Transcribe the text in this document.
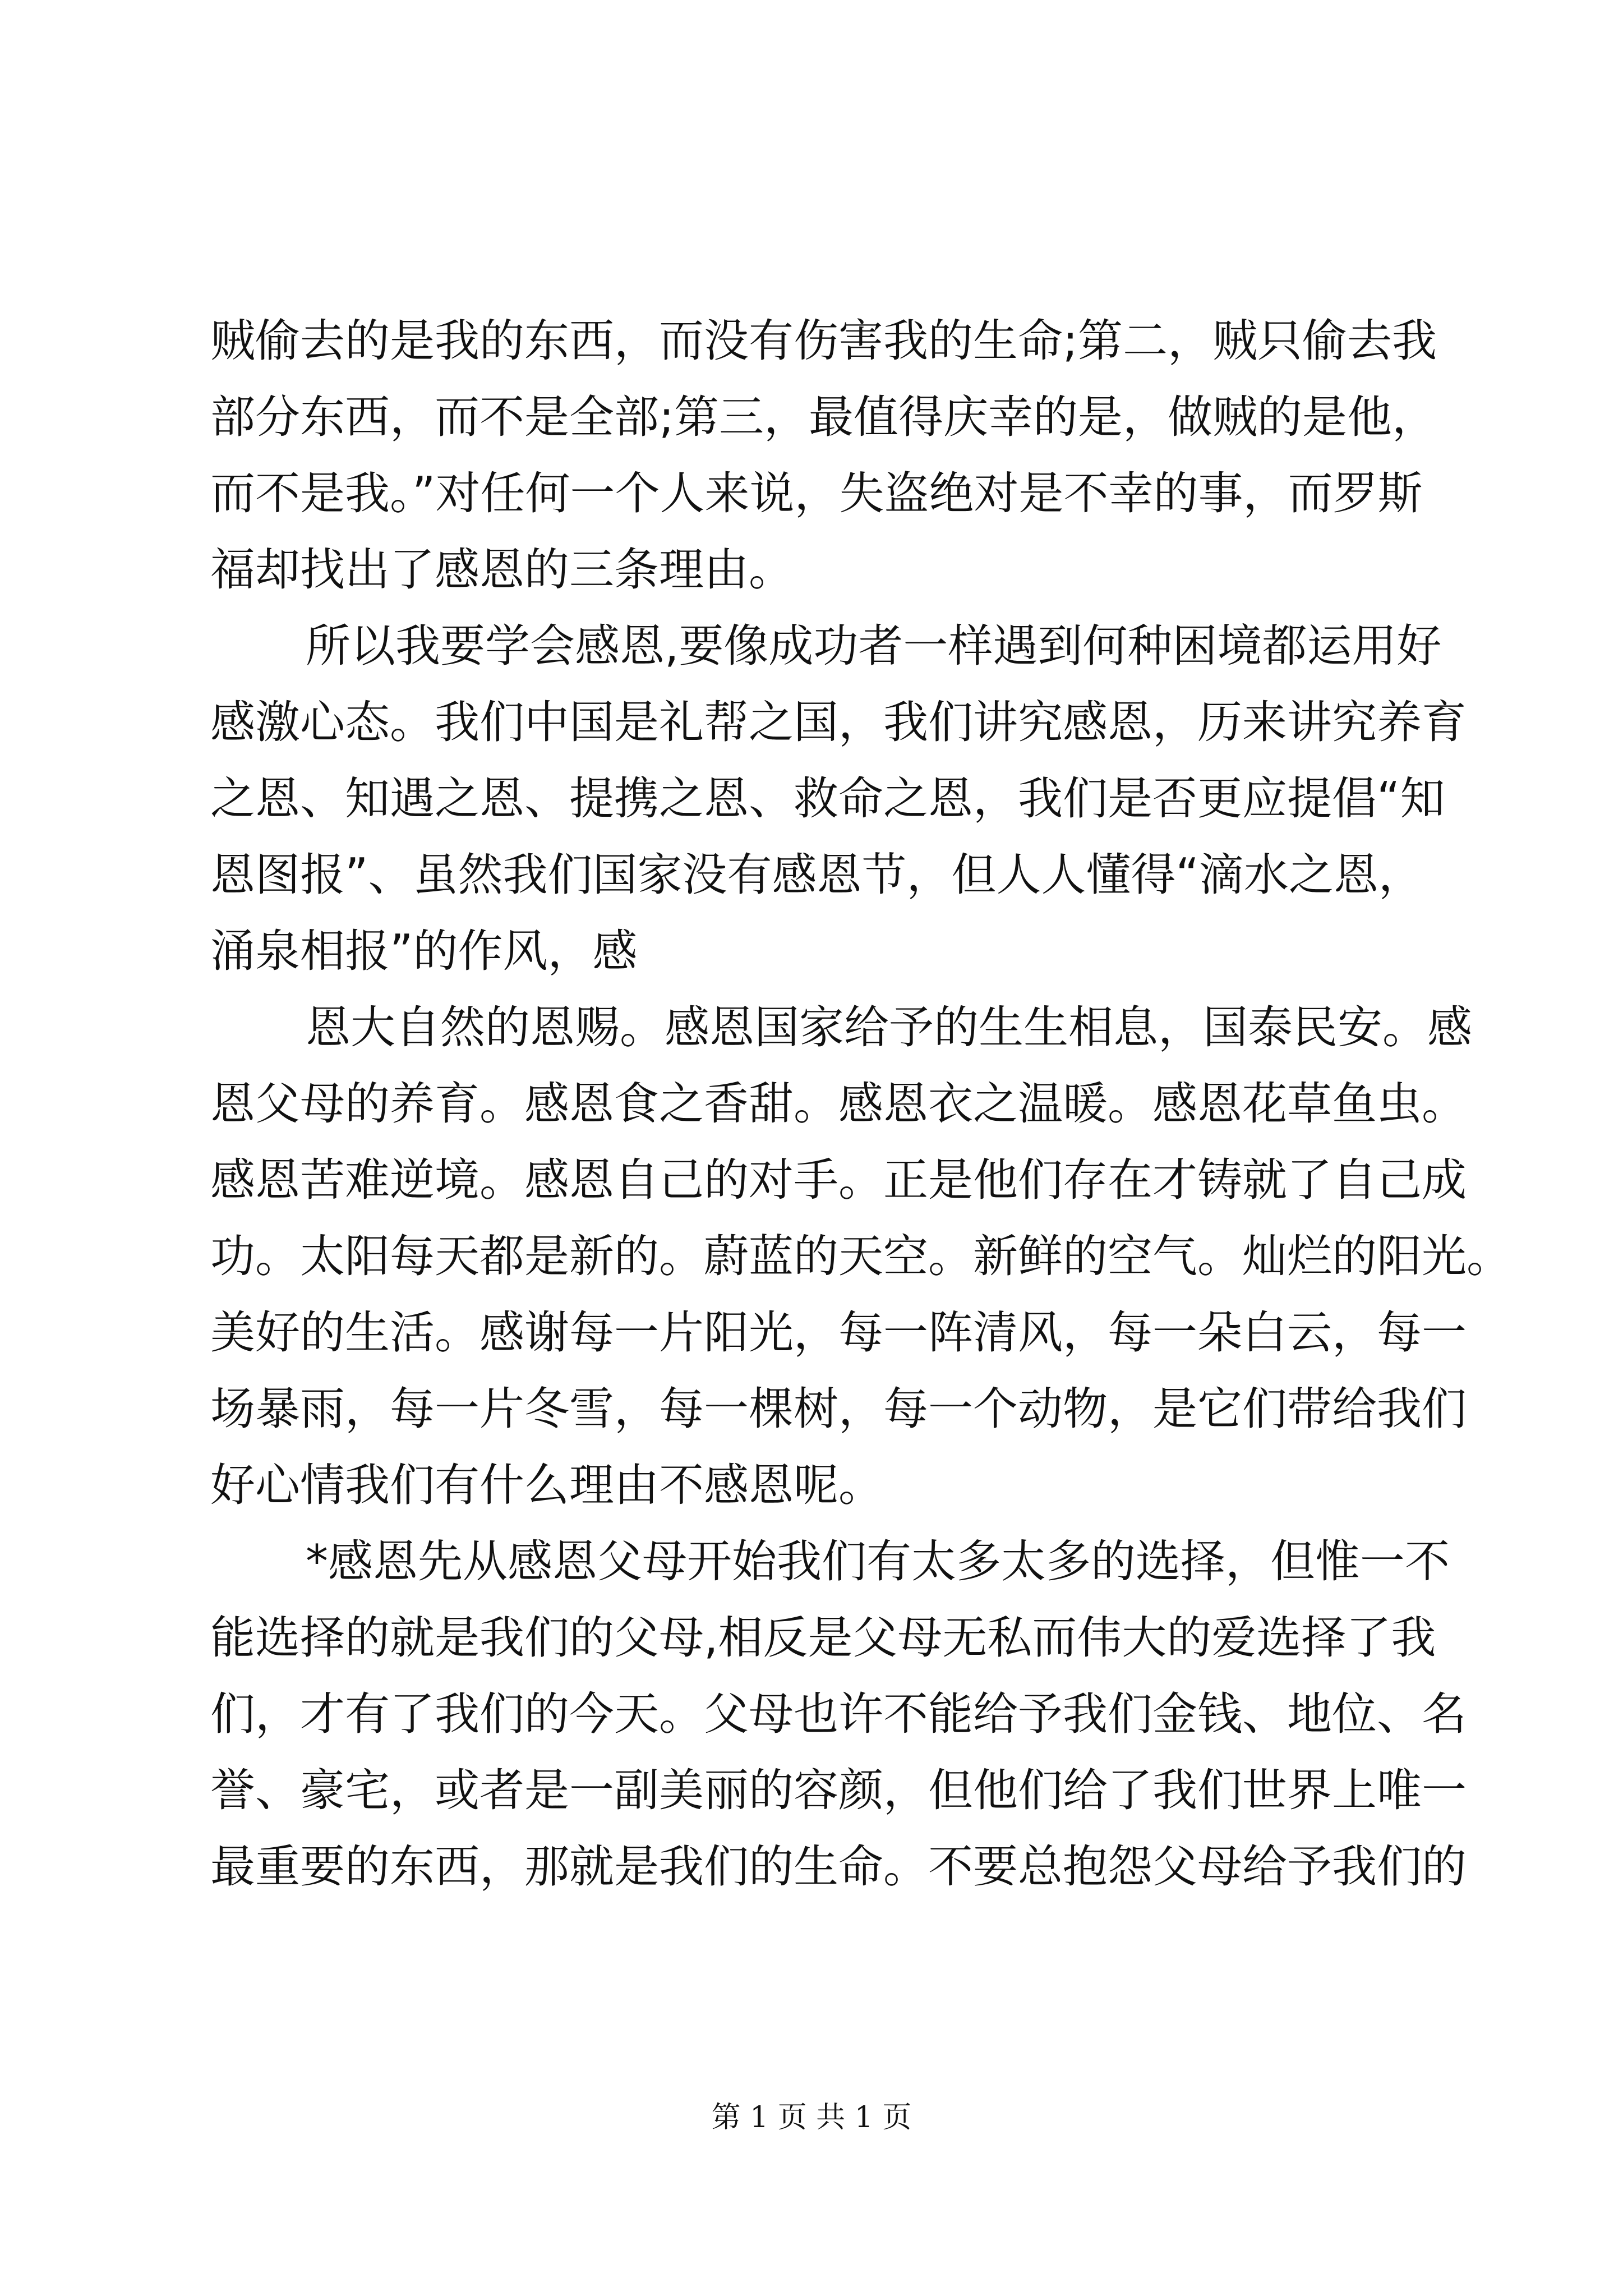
贼偷去的是我的东西，而没有伤害我的生命;第二，贼只偷去我
部分东西，而不是全部;第三，最值得庆幸的是，做贼的是他，
而不是我。”对任何一个人来说，失盗绝对是不幸的事，而罗斯
福却找出了感恩的三条理由。

所以我要学会感恩,要像成功者一样遇到何种困境都运用好
感激心态。我们中国是礼帮之国，我们讲究感恩，历来讲究养育
之恩、知遇之恩、提携之恩、救命之恩，我们是否更应提倡“知
恩图报”、虽然我们国家没有感恩节，但人人懂得“滴水之恩，
涌泉相报”的作风，感

恩大自然的恩赐。感恩国家给予的生生相息，国泰民安。感
恩父母的养育。感恩食之香甜。感恩衣之温暖。感恩花草鱼虫。
感恩苦难逆境。感恩自己的对手。正是他们存在才铸就了自己成
功。太阳每天都是新的。蔚蓝的天空。新鲜的空气。灿烂的阳光。
美好的生活。感谢每一片阳光，每一阵清风，每一朵白云，每一
场暴雨，每一片冬雪，每一棵树，每一个动物，是它们带给我们
好心情我们有什么理由不感恩呢。

*感恩先从感恩父母开始我们有太多太多的选择，但惟一不
能选择的就是我们的父母,相反是父母无私而伟大的爱选择了我
们，才有了我们的今天。父母也许不能给予我们金钱、地位、名
誉、豪宅，或者是一副美丽的容颜，但他们给了我们世界上唯一
最重要的东西，那就是我们的生命。不要总抱怨父母给予我们的

第 1 页 共 1 页
